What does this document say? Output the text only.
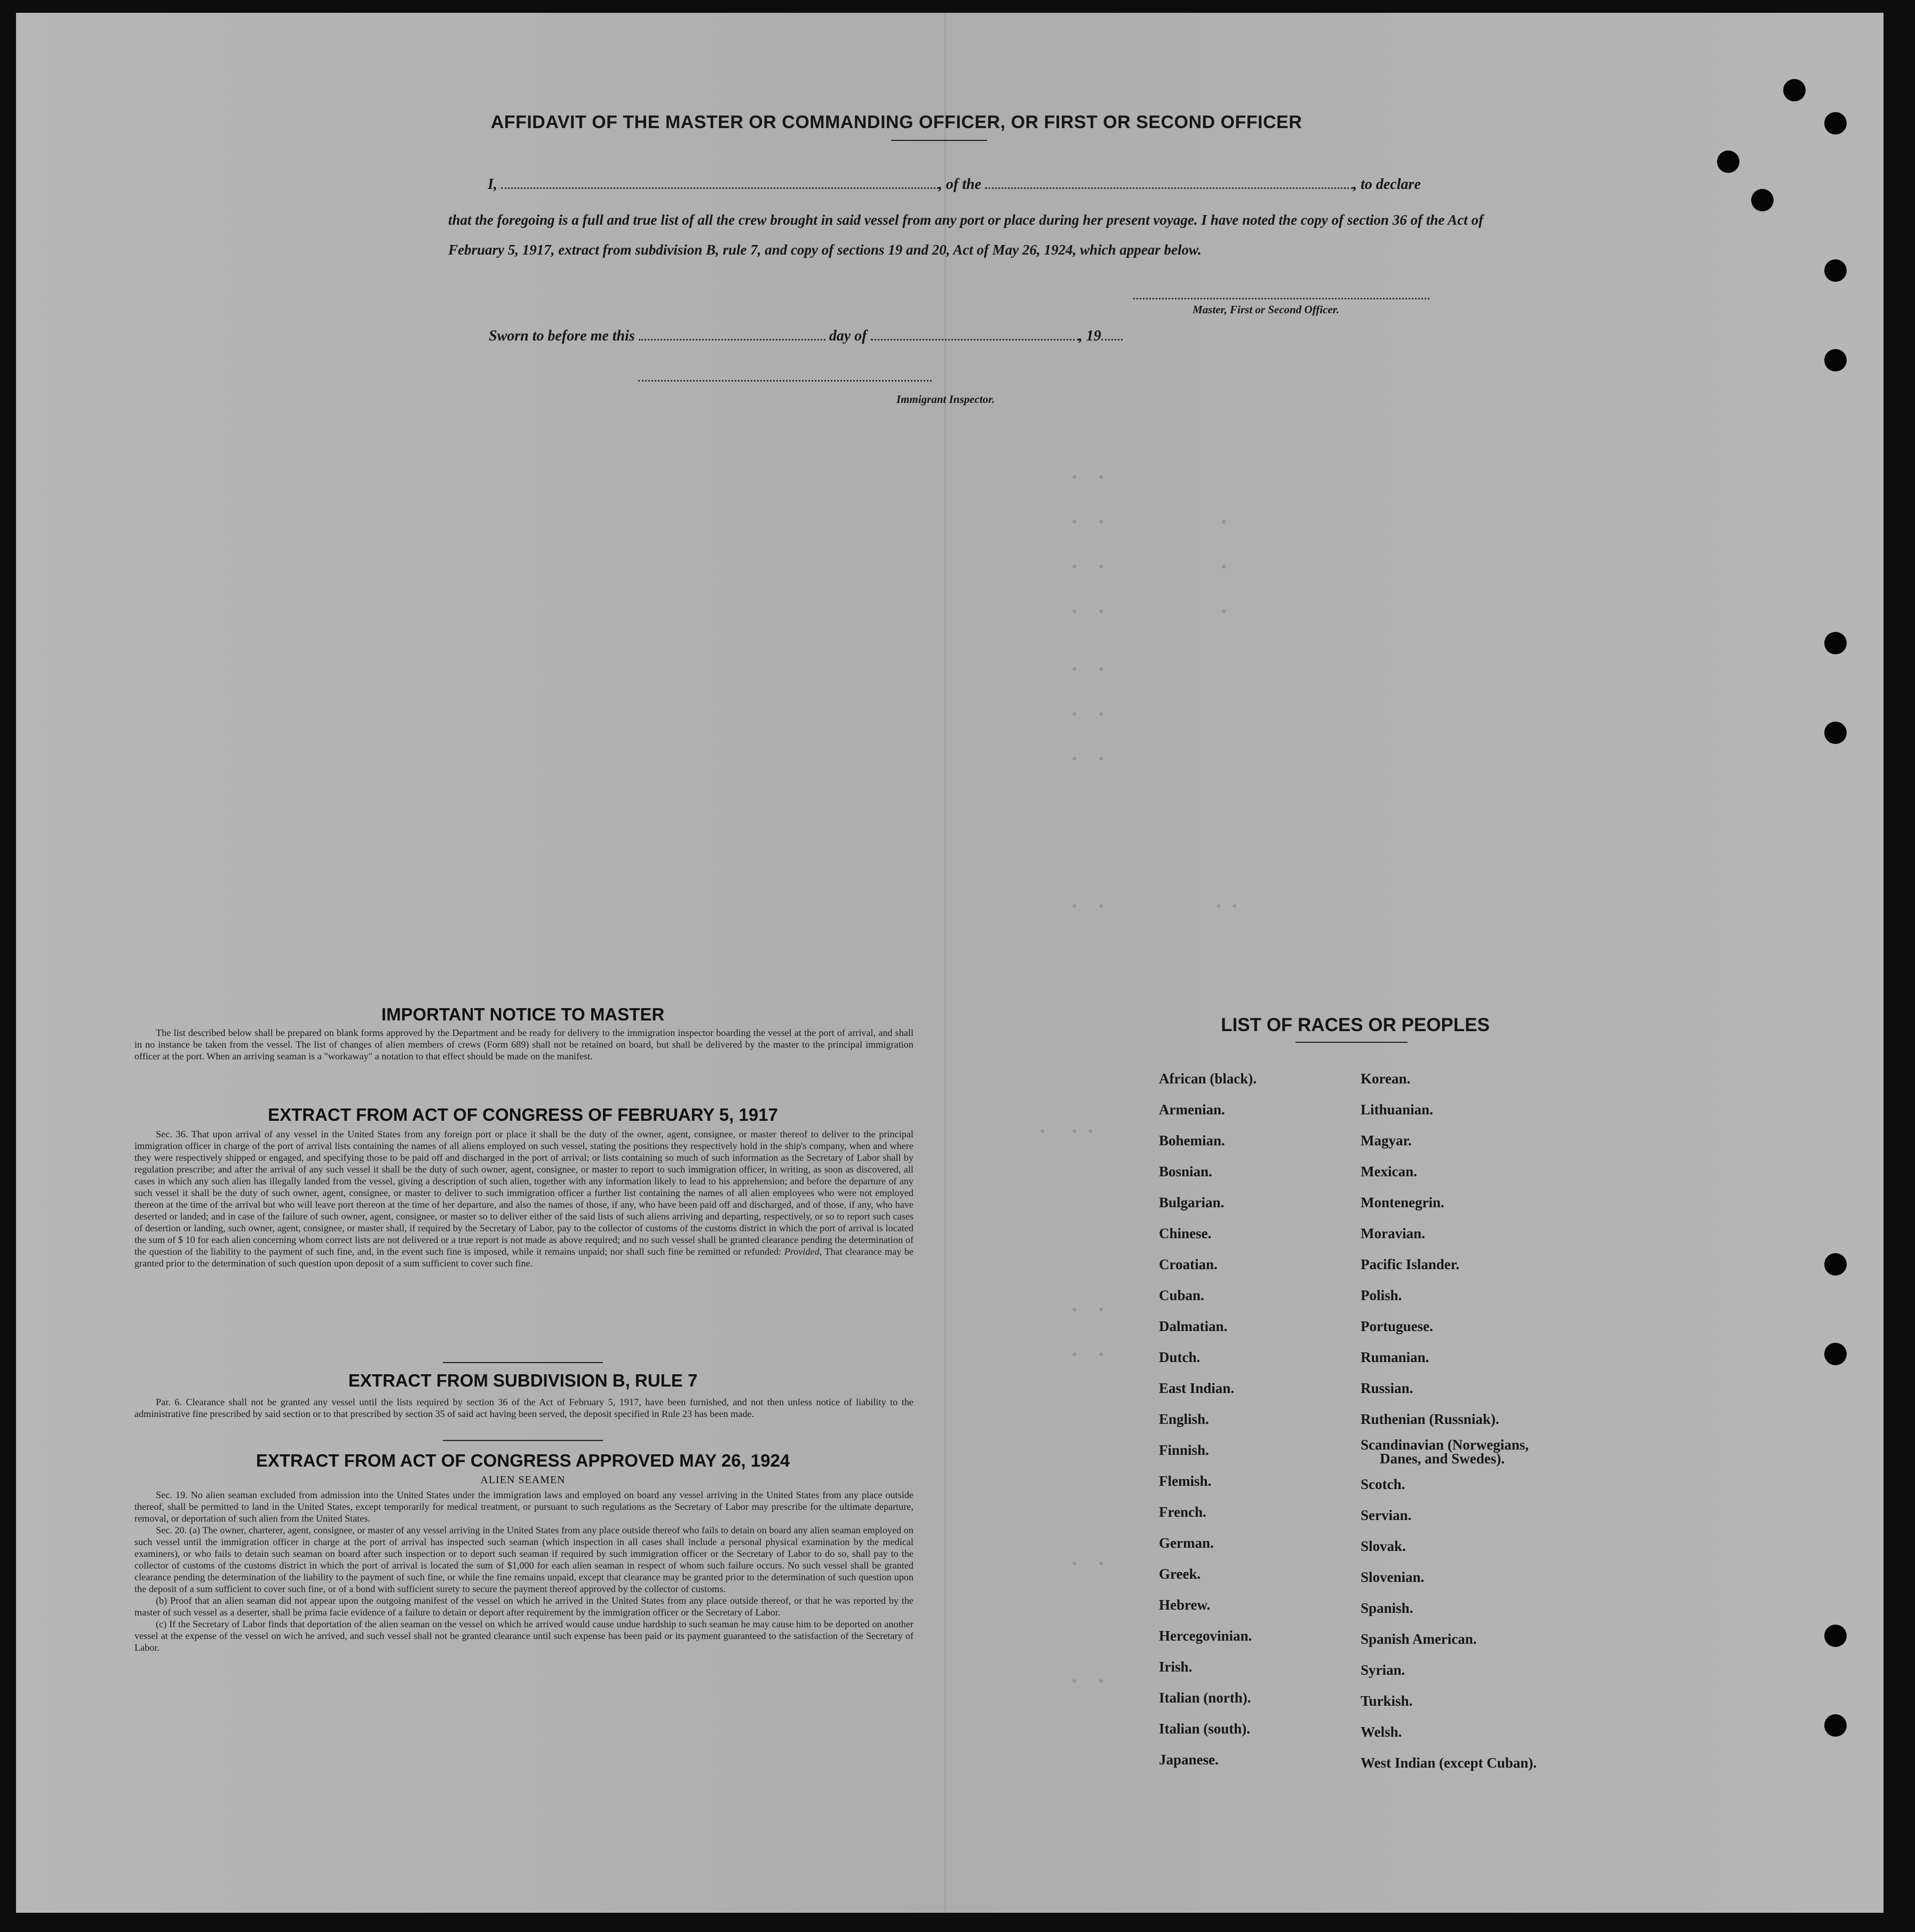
AFFIDAVIT OF THE MASTER OR COMMANDING OFFICER, OR FIRST OR SECOND OFFICER
I,	, of the	, to declare
that the foregoing is a full and true list of all the crew brought in said vessel from any port or place during her present voyage. I have noted the copy of section 36 of the Act of February 5, 1917, extract from subdivision B, rule 7, and copy of sections 19 and 20, Act of May 26, 1924, which appear below.
Master, First or Second Officer.
Sworn to before me this	day of	, 19
Immigrant Inspector.
IMPORTANT NOTICE TO MASTER

The list described below shall be prepared on blank forms approved by the Department and be ready for delivery to the immigration inspector boarding the vessel at the port of arrival, and shall in no instance be taken from the vessel. The list of changes of alien members of crews (Form 689) shall not be retained on board, but shall be delivered by the master to the principal immigration officer at the port. When an arriving seaman is a "workaway" a notation to that effect should be made on the manifest.

EXTRACT FROM ACT OF CONGRESS OF FEBRUARY 5, 1917

Sec. 36. That upon arrival of any vessel in the United States from any foreign port or place it shall be the duty of the owner, agent, consignee, or master thereof to deliver to the principal immigration officer in charge of the port of arrival lists containing the names of all aliens employed on such vessel, stating the positions they respectively hold in the ship's company, when and where they were respectively shipped or engaged, and specifying those to be paid off and discharged in the port of arrival; or lists containing so much of such information as the Secretary of Labor shall by regulation prescribe; and after the arrival of any such vessel it shall be the duty of such owner, agent, consignee, or master to report to such immigration officer, in writing, as soon as discovered, all cases in which any such alien has illegally landed from the vessel, giving a description of such alien, together with any information likely to lead to his apprehension; and before the departure of any such vessel it shall be the duty of such owner, agent, consignee, or master to deliver to such immigration officer a further list containing the names of all alien employees who were not employed thereon at the time of the arrival but who will leave port thereon at the time of her departure, and also the names of those, if any, who have been paid off and discharged, and of those, if any, who have deserted or landed; and in case of the failure of such owner, agent, consignee, or master so to deliver either of the said lists of such aliens arriving and departing, respectively, or so to report such cases of desertion or landing, such owner, agent, consignee, or master shall, if required by the Secretary of Labor, pay to the collector of customs of the customs district in which the port of arrival is located the sum of $ 10 for each alien concerning whom correct lists are not delivered or a true report is not made as above required; and no such vessel shall be granted clearance pending the determination of the question of the liability to the payment of such fine, and, in the event such fine is imposed, while it remains unpaid; nor shall such fine be remitted or refunded: Provided, That clearance may be granted prior to the determination of such question upon deposit of a sum sufficient to cover such fine.

EXTRACT FROM SUBDIVISION B, RULE 7

Par. 6. Clearance shall not be granted any vessel until the lists required by section 36 of the Act of February 5, 1917, have been furnished, and not then unless notice of liability to the administrative fine prescribed by said section or to that prescribed by section 35 of said act having been served, the deposit specified in Rule 23 has been made.

EXTRACT FROM ACT OF CONGRESS APPROVED MAY 26, 1924
ALIEN SEAMEN

Sec. 19. No alien seaman excluded from admission into the United States under the immigration laws and employed on board any vessel arriving in the United States from any place outside thereof, shall be permitted to land in the United States, except temporarily for medical treatment, or pursuant to such regulations as the Secretary of Labor may prescribe for the ultimate departure, removal, or deportation of such alien from the United States.

Sec. 20. (a) The owner, charterer, agent, consignee, or master of any vessel arriving in the United States from any place outside thereof who fails to detain on board any alien seaman employed on such vessel until the immigration officer in charge at the port of arrival has inspected such seaman (which inspection in all cases shall include a personal physical examination by the medical examiners), or who fails to detain such seaman on board after such inspection or to deport such seaman if required by such immigration officer or the Secretary of Labor to do so, shall pay to the collector of customs of the customs district in which the port of arrival is located the sum of $1,000 for each alien seaman in respect of whom such failure occurs. No such vessel shall be granted clearance pending the determination of the liability to the payment of such fine, or while the fine remains unpaid, except that clearance may be granted prior to the determination of such question upon the deposit of a sum sufficient to cover such fine, or of a bond with sufficient surety to secure the payment thereof approved by the collector of customs.

(b) Proof that an alien seaman did not appear upon the outgoing manifest of the vessel on which he arrived in the United States from any place outside thereof, or that he was reported by the master of such vessel as a deserter, shall be prima facie evidence of a failure to detain or deport after requirement by the immigration officer or the Secretary of Labor.

(c) If the Secretary of Labor finds that deportation of the alien seaman on the vessel on which he arrived would cause undue hardship to such seaman he may cause him to be deported on another vessel at the expense of the vessel on wich he arrived, and such vessel shall not be granted clearance until such expense has been paid or its payment guaranteed to the satisfaction of the Secretary of Labor.

LIST OF RACES OR PEOPLES
African (black).
Armenian.
Bohemian.
Bosnian.
Bulgarian.
Chinese.
Croatian.
Cuban.
Dalmatian.
Dutch.
East Indian.
English.
Finnish.
Flemish.
French.
German.
Greek.
Hebrew.
Hercegovinian.
Irish.
Italian (north).
Italian (south).
Japanese.
Korean.
Lithuanian.
Magyar.
Mexican.
Montenegrin.
Moravian.
Pacific Islander.
Polish.
Portuguese.
Rumanian.
Russian.
Ruthenian (Russniak).
Scandinavian (Norwegians,
Danes, and Swedes).
Scotch.
Servian.
Slovak.
Slovenian.
Spanish.
Spanish American.
Syrian.
Turkish.
Welsh.
West Indian (except Cuban).
